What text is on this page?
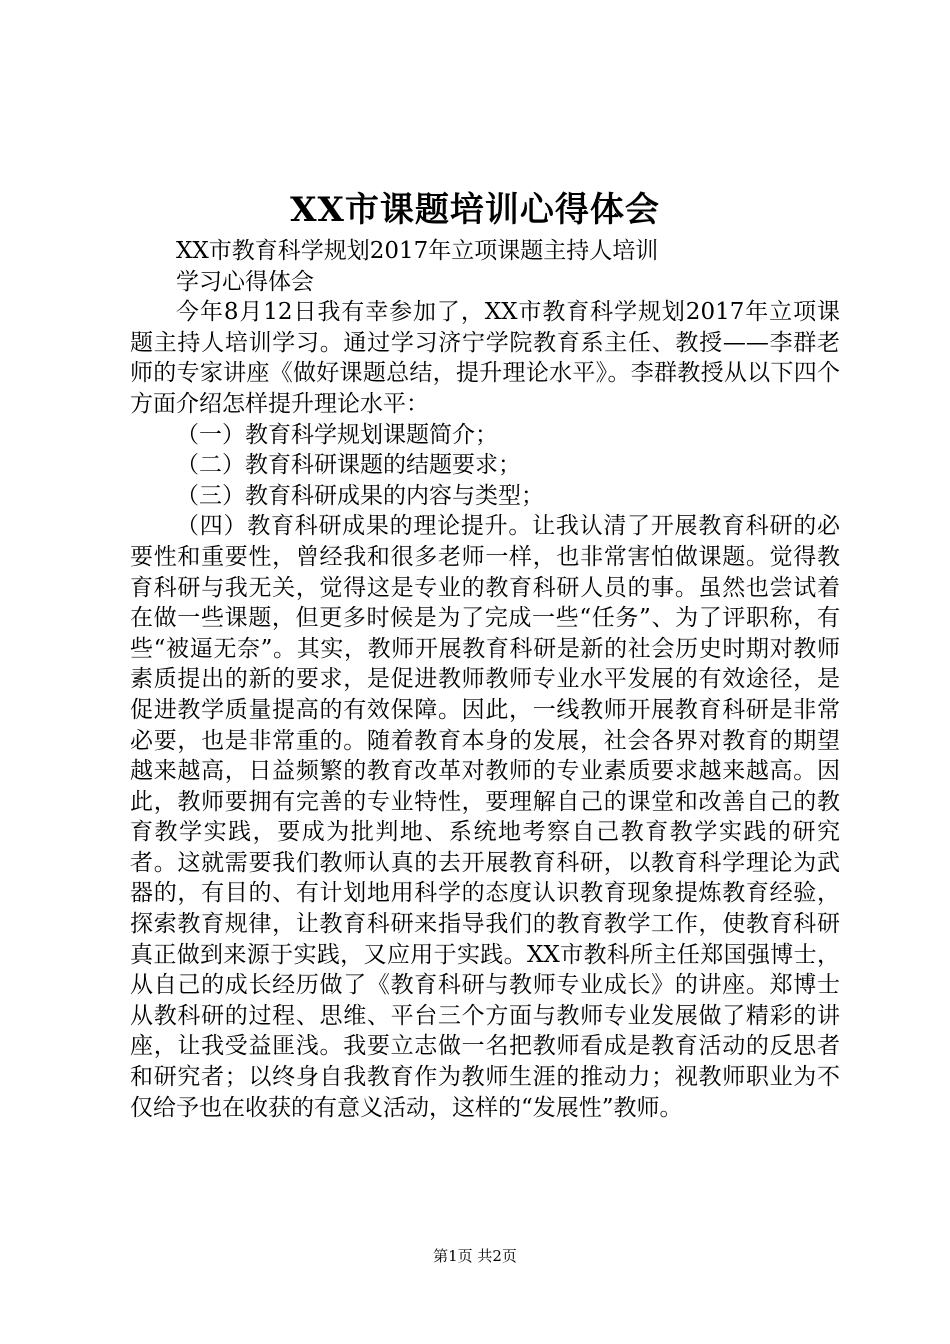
XX市课题培训心得体会

XX市教育科学规划2017年立项课题主持人培训

学习心得体会

今年8月12日我有幸参加了，XX市教育科学规划2017年立项课题主持人培训学习。通过学习济宁学院教育系主任、教授——李群老师的专家讲座《做好课题总结，提升理论水平》。李群教授从以下四个方面介绍怎样提升理论水平：

（一）教育科学规划课题简介；

（二）教育科研课题的结题要求；

（三）教育科研成果的内容与类型；

（四）教育科研成果的理论提升。让我认清了开展教育科研的必要性和重要性，曾经我和很多老师一样，也非常害怕做课题。觉得教育科研与我无关，觉得这是专业的教育科研人员的事。虽然也尝试着在做一些课题，但更多时候是为了完成一些“任务”、为了评职称，有些“被逼无奈”。其实，教师开展教育科研是新的社会历史时期对教师素质提出的新的要求，是促进教师教师专业水平发展的有效途径，是促进教学质量提高的有效保障。因此，一线教师开展教育科研是非常必要，也是非常重的。随着教育本身的发展，社会各界对教育的期望越来越高，日益频繁的教育改革对教师的专业素质要求越来越高。因此，教师要拥有完善的专业特性，要理解自己的课堂和改善自己的教育教学实践，要成为批判地、系统地考察自己教育教学实践的研究者。这就需要我们教师认真的去开展教育科研，以教育科学理论为武器的，有目的、有计划地用科学的态度认识教育现象提炼教育经验，探索教育规律，让教育科研来指导我们的教育教学工作，使教育科研真正做到来源于实践，又应用于实践。XX市教科所主任郑国强博士，从自己的成长经历做了《教育科研与教师专业成长》的讲座。郑博士从教科研的过程、思维、平台三个方面与教师专业发展做了精彩的讲座，让我受益匪浅。我要立志做一名把教师看成是教育活动的反思者和研究者；以终身自我教育作为教师生涯的推动力；视教师职业为不仅给予也在收获的有意义活动，这样的“发展性”教师。

第1页 共2页
